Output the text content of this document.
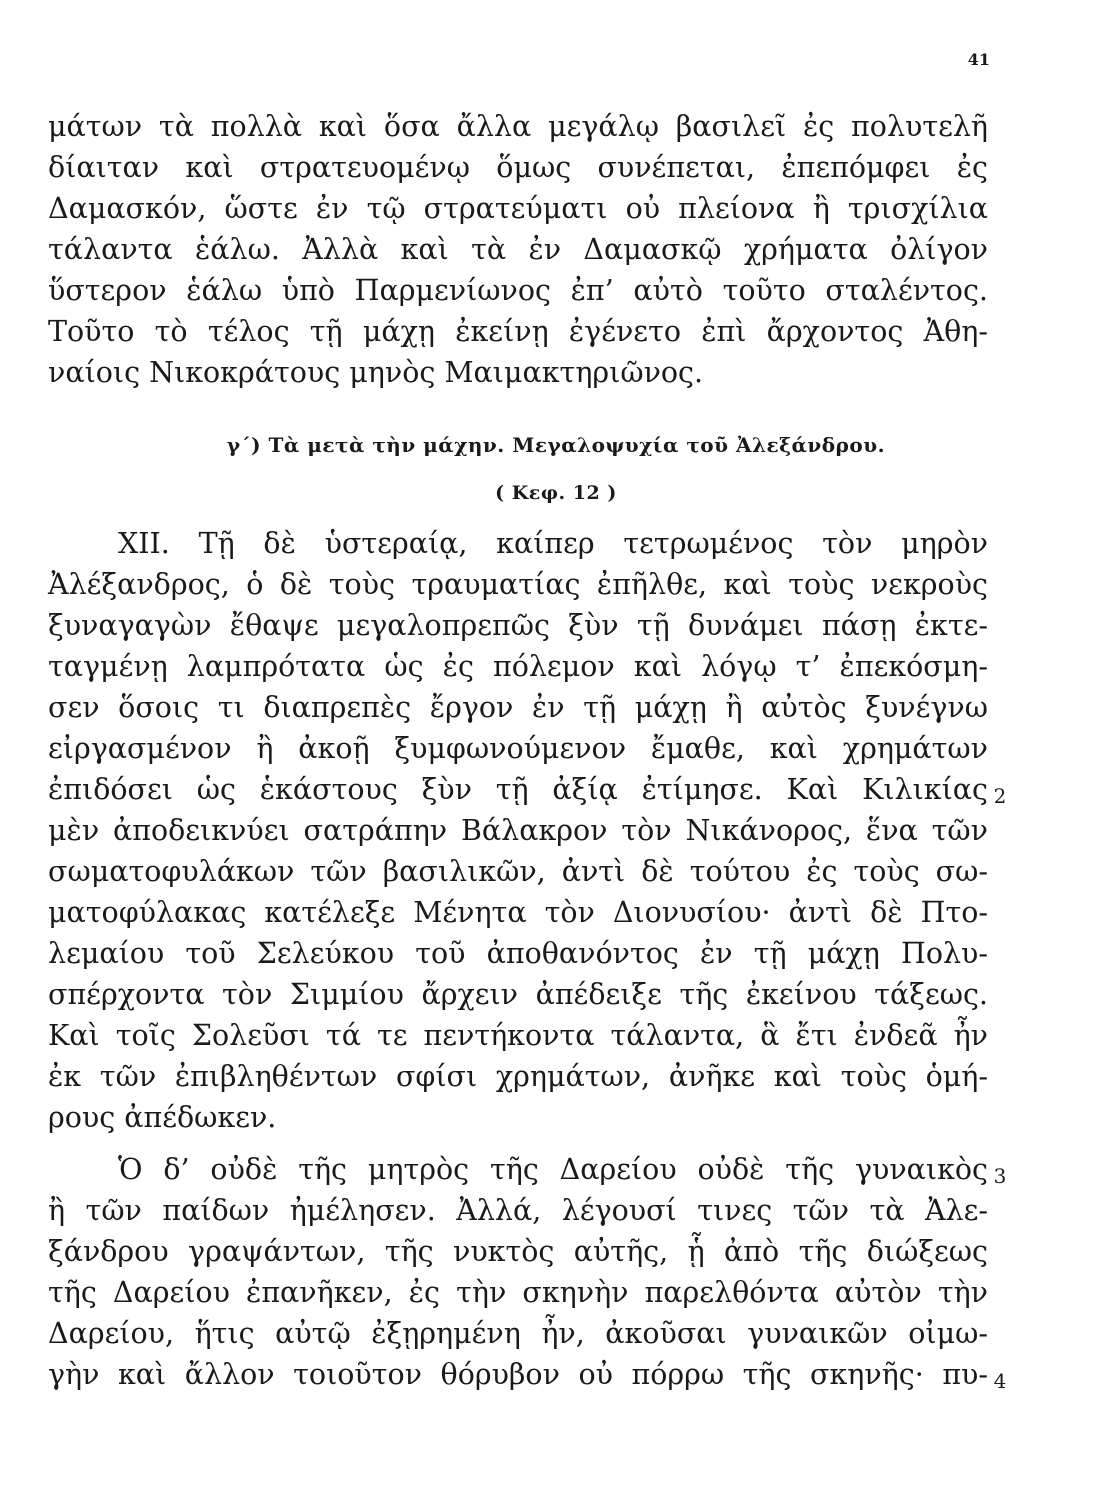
41
μάτων τὰ πολλὰ καὶ ὅσα ἄλλα μεγάλῳ βασιλεῖ ἐς πολυτελῆ
δίαιταν καὶ στρατευομένῳ ὅμως συνέπεται, ἐπεπόμφει ἐς
Δαμασκόν, ὥστε ἐν τῷ στρατεύματι οὐ πλείονα ἢ τρισχίλια
τάλαντα ἑάλω. Ἀλλὰ καὶ τὰ ἐν Δαμασκῷ χρήματα ὀλίγον
ὕστερον ἑάλω ὑπὸ Παρμενίωνος ἐπ’ αὐτὸ τοῦτο σταλέντος.
Τοῦτο τὸ τέλος τῇ μάχῃ ἐκείνῃ ἐγένετο ἐπὶ ἄρχοντος Ἀθη-
ναίοις Νικοκράτους μηνὸς Μαιμακτηριῶνος.
γ΄) Τὰ μετὰ τὴν μάχην. Μεγαλοψυχία τοῦ Ἀλεξάνδρου.
( Κεφ. 12 )
ΧΙΙ. Τῇ δὲ ὑστεραίᾳ, καίπερ τετρωμένος τὸν μηρὸν
Ἀλέξανδρος, ὁ δὲ τοὺς τραυματίας ἐπῆλθε, καὶ τοὺς νεκροὺς
ξυναγαγὼν ἔθαψε μεγαλοπρεπῶς ξὺν τῇ δυνάμει πάσῃ ἐκτε-
ταγμένῃ λαμπρότατα ὡς ἐς πόλεμον καὶ λόγῳ τ’ ἐπεκόσμη-
σεν ὅσοις τι διαπρεπὲς ἔργον ἐν τῇ μάχῃ ἢ αὐτὸς ξυνέγνω
εἰργασμένον ἢ ἀκοῇ ξυμφωνούμενον ἔμαθε, καὶ χρημάτων
ἐπιδόσει ὡς ἑκάστους ξὺν τῇ ἀξίᾳ ἐτίμησε. Καὶ Κιλικίας 2
μὲν ἀποδεικνύει σατράπην Βάλακρον τὸν Νικάνορος, ἕνα τῶν
σωματοφυλάκων τῶν βασιλικῶν, ἀντὶ δὲ τούτου ἐς τοὺς σω-
ματοφύλακας κατέλεξε Μένητα τὸν Διονυσίου· ἀντὶ δὲ Πτο-
λεμαίου τοῦ Σελεύκου τοῦ ἀποθανόντος ἐν τῇ μάχῃ Πολυ-
σπέρχοντα τὸν Σιμμίου ἄρχειν ἀπέδειξε τῆς ἐκείνου τάξεως.
Καὶ τοῖς Σολεῦσι τά τε πεντήκοντα τάλαντα, ἃ ἔτι ἐνδεᾶ ἦν
ἐκ τῶν ἐπιβληθέντων σφίσι χρημάτων, ἀνῆκε καὶ τοὺς ὁμή-
ρους ἀπέδωκεν.
Ὁ δ’ οὐδὲ τῆς μητρὸς τῆς Δαρείου οὐδὲ τῆς γυναικὸς 3
ἢ τῶν παίδων ἠμέλησεν. Ἀλλά, λέγουσί τινες τῶν τὰ Ἀλε-
ξάνδρου γραψάντων, τῆς νυκτὸς αὐτῆς, ᾗ ἀπὸ τῆς διώξεως
τῆς Δαρείου ἐπανῆκεν, ἐς τὴν σκηνὴν παρελθόντα αὐτὸν τὴν
Δαρείου, ἥτις αὐτῷ ἐξῃρημένη ἦν, ἀκοῦσαι γυναικῶν οἰμω-
γὴν καὶ ἄλλον τοιοῦτον θόρυβον οὐ πόρρω τῆς σκηνῆς· πυ- 4
